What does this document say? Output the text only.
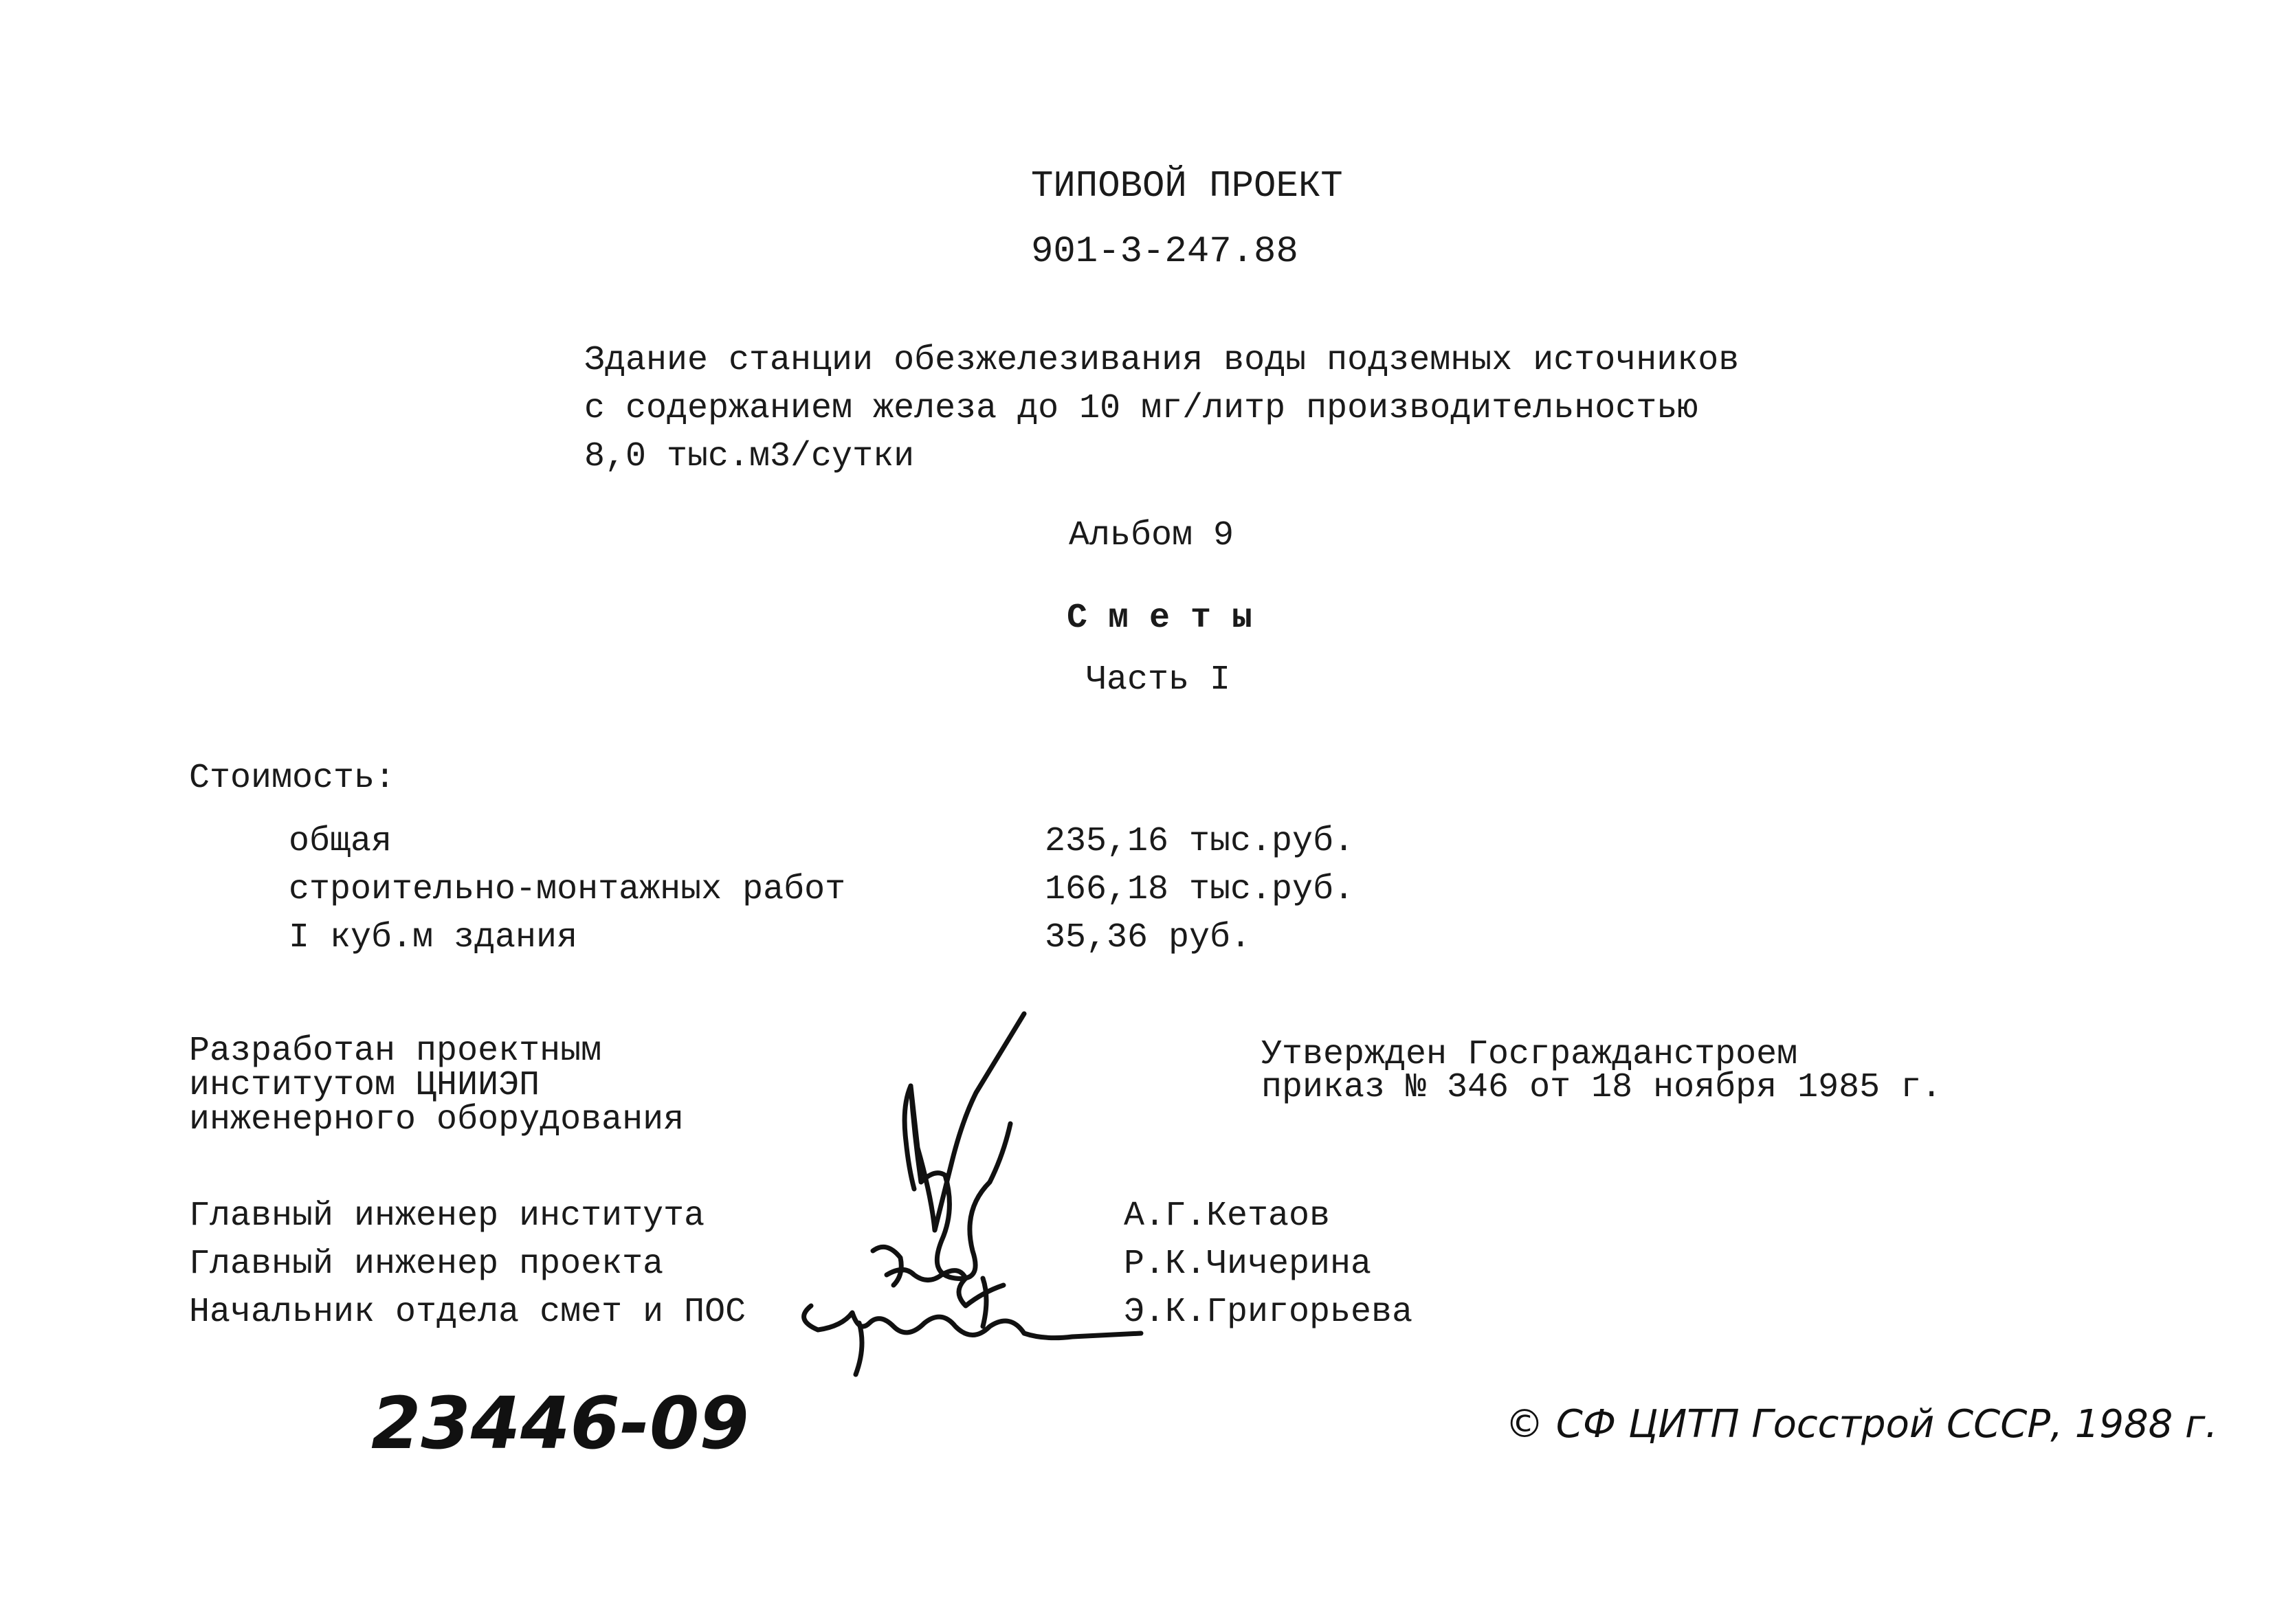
ТИПОВОЙ ПРОЕКТ
901-3-247.88
Здание станции обезжелезивания воды подземных источников
с содержанием железа до 10 мг/литр производительностью
8,0 тыс.м3/сутки
Альбом 9
С м е т ы
Часть I
Стоимость:
общая	235,16 тыс.руб.
строительно-монтажных работ	166,18 тыс.руб.
I куб.м здания	35,36 руб.
Разработан проектным
институтом ЦНИИЭП
инженерного оборудования
Утвержден Госгражданстроем
приказ № 346 от 18 ноября 1985 г.
Главный инженер института	А.Г.Кетаов
Главный инженер проекта	Р.К.Чичерина
Начальник отдела смет и ПОС	Э.К.Григорьева
23446-09	© СФ ЦИТП Госстрой СССР, 1988 г.
